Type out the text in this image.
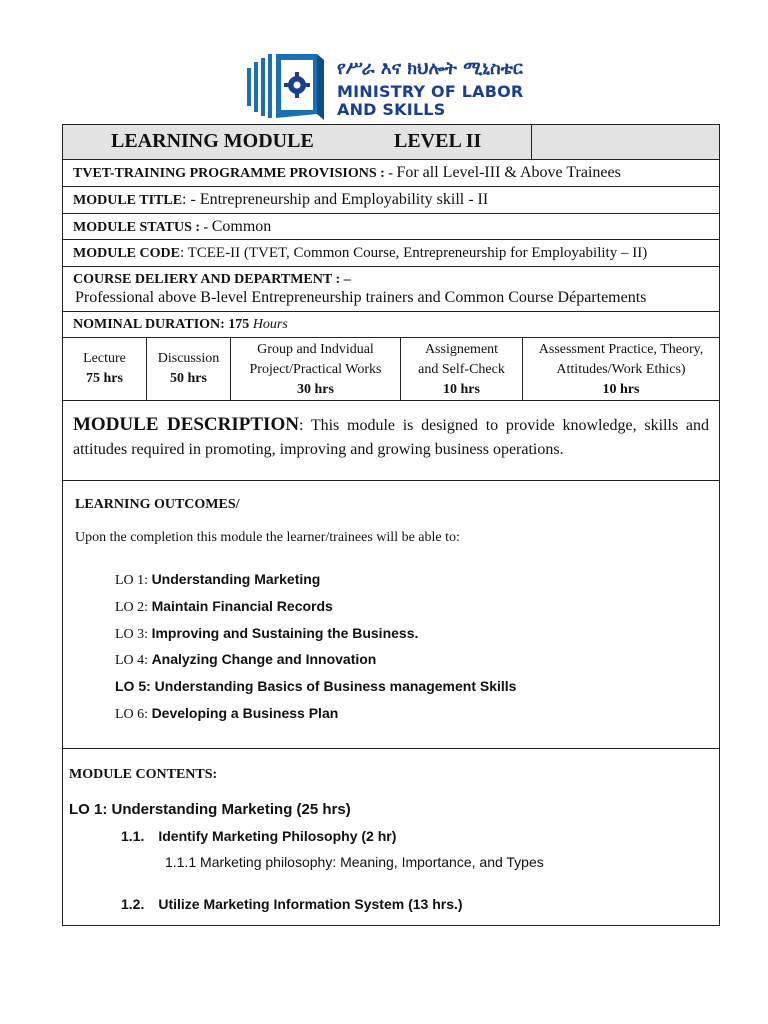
የሥራ እና ክህሎት ሚኒስቴር
MINISTRY OF LABOR
AND SKILLS
LEARNING MODULE	LEVEL II
TVET-TRAINING PROGRAMME PROVISIONS : - For all Level-III & Above Trainees
MODULE TITLE: - Entrepreneurship and Employability skill - II
MODULE STATUS : - Common
MODULE CODE: TCEE-II (TVET, Common Course, Entrepreneurship for Employability – II)
COURSE DELIERY AND DEPARTMENT : –
Professional above B-level Entrepreneurship trainers and Common Course Départements
NOMINAL DURATION: 175 Hours
Lecture
75 hrs
Discussion
50 hrs
Group and Indvidual
Project/Practical Works
30 hrs
Assignement
and Self-Check
10 hrs
Assessment Practice, Theory,
Attitudes/Work Ethics)
10 hrs
MODULE DESCRIPTION: This module is designed to provide knowledge, skills and attitudes required in promoting, improving and growing business operations.
LEARNING OUTCOMES/
Upon the completion this module the learner/trainees will be able to:
LO 1: Understanding Marketing
LO 2: Maintain Financial Records
LO 3: Improving and Sustaining the Business.
LO 4: Analyzing Change and Innovation
LO 5: Understanding Basics of Business management Skills
LO 6: Developing a Business Plan
MODULE CONTENTS:
LO 1: Understanding Marketing (25 hrs)
1.1. Identify Marketing Philosophy (2 hr)
1.1.1 Marketing philosophy: Meaning, Importance, and Types
1.2. Utilize Marketing Information System (13 hrs.)
